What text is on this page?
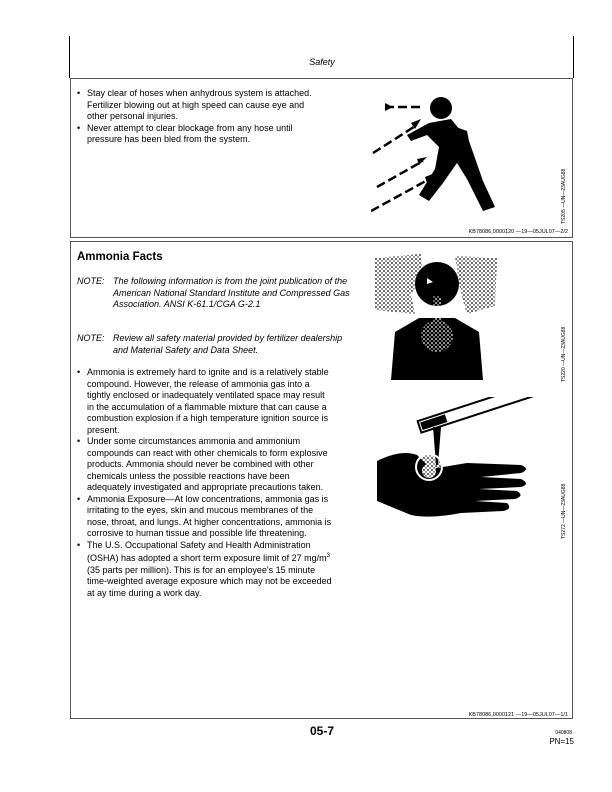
Safety
• Stay clear of hoses when anhydrous system is attached. Fertilizer blowing out at high speed can cause eye and other personal injuries.
• Never attempt to clear blockage from any hose until pressure has been bled from the system.
TS205 —UN—23AUG88
KB78086,0000120 —19—05JUL07—2/2
Ammonia Facts
NOTE: The following information is from the joint publication of the American National Standard Institute and Compressed Gas Association. ANSI K-61.1/CGA G-2.1
NOTE: Review all safety material provided by fertilizer dealership and Material Safety and Data Sheet.
• Ammonia is extremely hard to ignite and is a relatively stable compound. However, the release of ammonia gas into a tightly enclosed or inadequately ventilated space may result in the accumulation of a flammable mixture that can cause a combustion explosion if a high temperature ignition source is present.
• Under some circumstances ammonia and ammonium compounds can react with other chemicals to form explosive products. Ammonia should never be combined with other chemicals unless the possible reactions have been adequately investigated and appropriate precautions taken.
• Ammonia Exposure—At low concentrations, ammonia gas is irritating to the eyes, skin and mucous membranes of the nose, throat, and lungs. At higher concentrations, ammonia is corrosive to human tissue and possible life threatening.
• The U.S. Occupational Safety and Health Administration (OSHA) has adopted a short term exposure limit of 27 $mg/m^3$ (35 parts per million). This is for an employee's 15 minute time-weighted average exposure which may not be exceeded at ay time during a work day.
TS220 —UN—23AUG88
TS272 —UN—23AUG88
KB78086,0000121 —19—05JUL07—1/1
05-7	040808
PN=15
